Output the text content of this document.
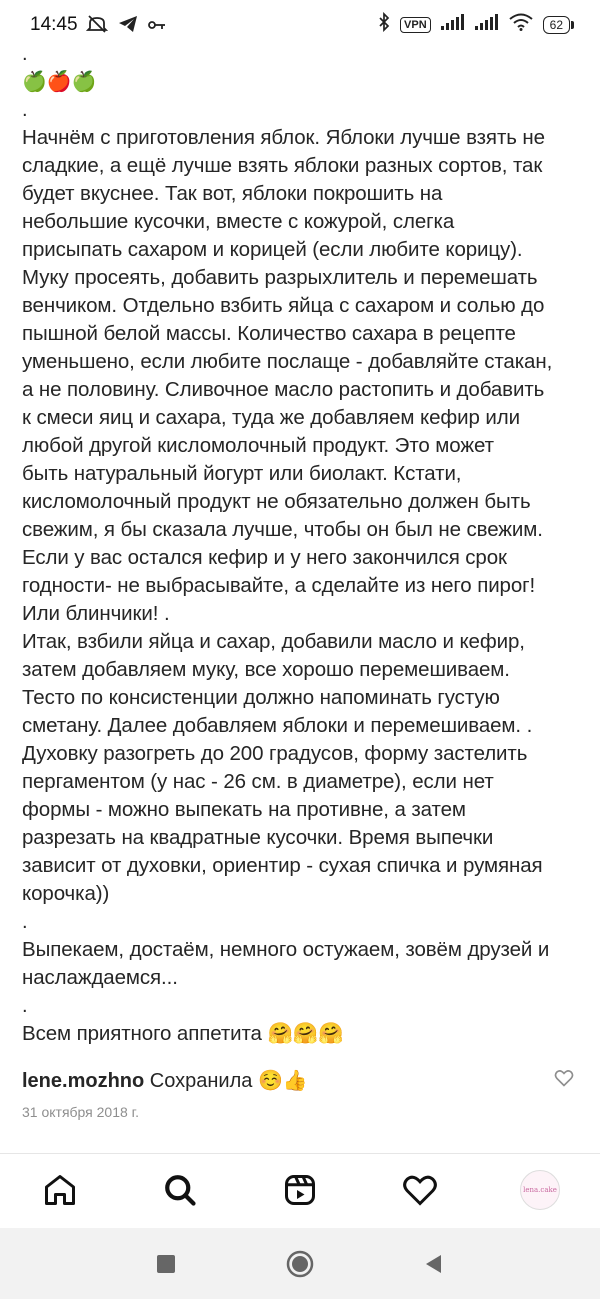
14:45	VPN	62
.
🍏🍎🍏
.
Начнём с приготовления яблок. Яблоки лучше взять не
сладкие, а ещё лучше взять яблоки разных сортов, так
будет вкуснее. Так вот, яблоки покрошить на
небольшие кусочки, вместе с кожурой, слегка
присыпать сахаром и корицей (если любите корицу).
Муку просеять, добавить разрыхлитель и перемешать
венчиком. Отдельно взбить яйца с сахаром и солью до
пышной белой массы. Количество сахара в рецепте
уменьшено, если любите послаще - добавляйте стакан,
а не половину. Сливочное масло растопить и добавить
к смеси яиц и сахара, туда же добавляем кефир или
любой другой кисломолочный продукт. Это может
быть натуральный йогурт или биолакт. Кстати,
кисломолочный продукт не обязательно должен быть
свежим, я бы сказала лучше, чтобы он был не свежим.
Если у вас остался кефир и у него закончился срок
годности- не выбрасывайте, а сделайте из него пирог!
Или блинчики! .
Итак, взбили яйца и сахар, добавили масло и кефир,
затем добавляем муку, все хорошо перемешиваем.
Тесто по консистенции должно напоминать густую
сметану. Далее добавляем яблоки и перемешиваем. .
Духовку разогреть до 200 градусов, форму застелить
пергаментом (у нас - 26 см. в диаметре), если нет
формы - можно выпекать на противне, а затем
разрезать на квадратные кусочки. Время выпечки
зависит от духовки, ориентир - сухая спичка и румяная
корочка))
.
Выпекаем, достаём, немного остужаем, зовём друзей и
наслаждаемся...
.
Всем приятного аппетита 🤗🤗🤗
lene.mozhno Сохранила ☺️👍
31 октября 2018 г.
lena.cake
